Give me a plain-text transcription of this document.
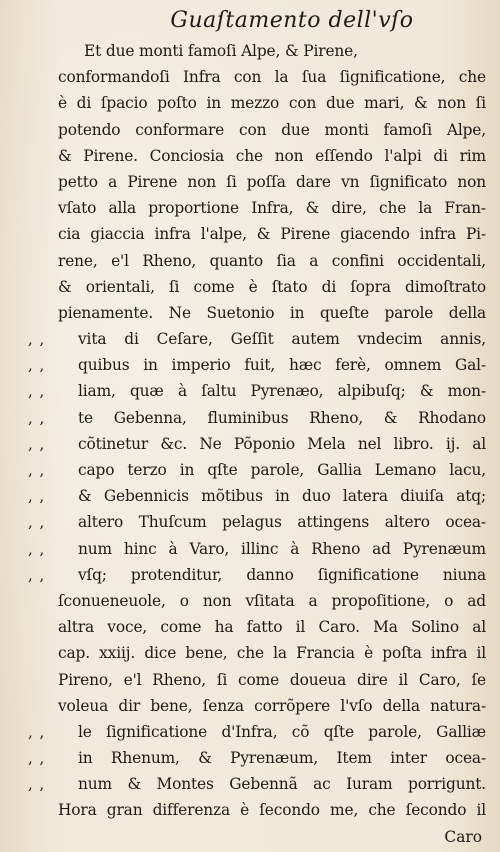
Guaſtamento dell'vſo
Et due monti famoſi Alpe, & Pirene,
conformandoſi Infra con la ſua ſignificatione, che
è di ſpacio poſto in mezzo con due mari, & non ſi
potendo conformare con due monti famoſi Alpe,
& Pirene. Conciosia che non eſſendo l'alpi di rim
petto a Pirene non ſi poſſa dare vn ſignificato non
vſato alla proportione Infra, & dire, che la Fran-
cia giaccia infra l'alpe, & Pirene giacendo infra Pi-
rene, e'l Rheno, quanto ſia a confini occidentali,
& orientali, ſi come è ſtato di ſopra dimoſtrato
pienamente. Ne Suetonio in queſte parole della
, ,	vita di Ceſare, Geſſit autem vndecim annis,
, ,	quibus in imperio fuit, hæc ferè, omnem Gal-
, ,	liam, quæ à ſaltu Pyrenæo, alpibuſq; & mon-
, ,	te Gebenna, fluminibus Rheno, & Rhodano
, ,	cõtinetur &c. Ne Põponio Mela nel libro. ij. al
, ,	capo terzo in qſte parole, Gallia Lemano lacu,
, ,	& Gebennicis mõtibus in duo latera diuiſa atq;
, ,	altero Thuſcum pelagus attingens altero ocea-
, ,	num hinc à Varo, illinc à Rheno ad Pyrenæum
, ,	vſq; protenditur, danno ſignificatione niuna
ſconueneuole, o non vſitata a propoſitione, o ad
altra voce, come ha fatto il Caro. Ma Solino al
cap. xxiij. dice bene, che la Francia è poſta infra il
Pireno, e'l Rheno, ſi come doueua dire il Caro, ſe
voleua dir bene, ſenza corrõpere l'vſo della natura-
, ,	le ſignificatione d'Infra, cõ qſte parole, Galliæ
, ,	in Rhenum, & Pyrenæum, Item inter ocea-
, ,	num & Montes Gebennã ac Iuram porrigunt.
Hora gran differenza è ſecondo me, che ſecondo il
Caro
